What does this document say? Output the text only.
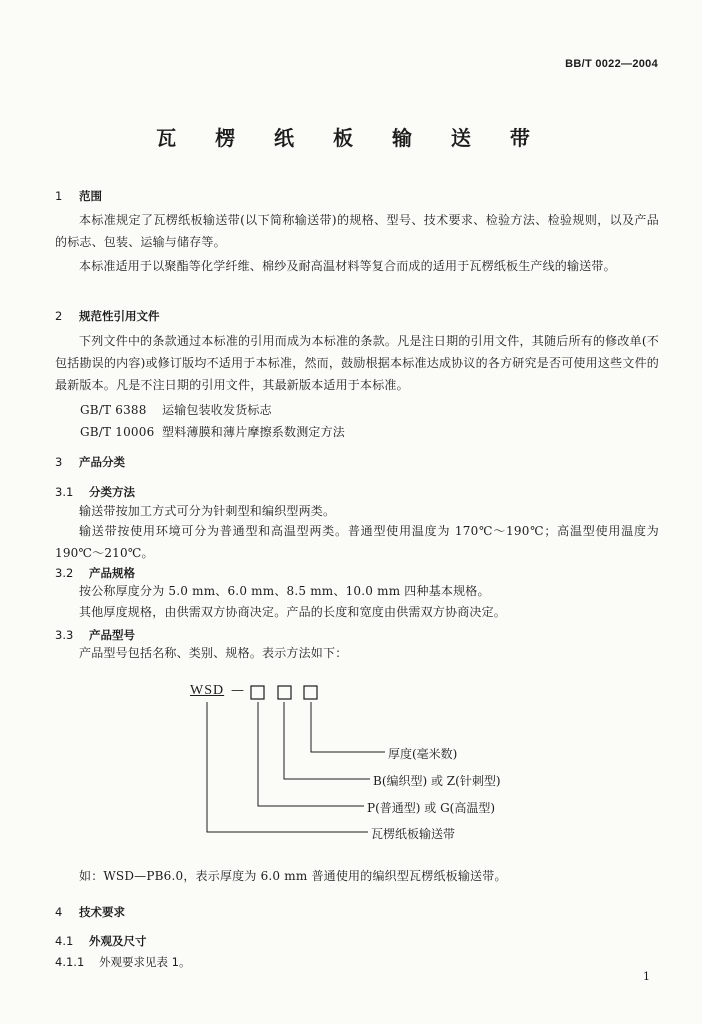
BB/T 0022—2004
瓦 楞 纸 板 输 送 带
1 范围
本标准规定了瓦楞纸板输送带(以下简称输送带)的规格、型号、技术要求、检验方法、检验规则，以及产品的标志、包装、运输与储存等。
本标准适用于以聚酯等化学纤维、棉纱及耐高温材料等复合而成的适用于瓦楞纸板生产线的输送带。
2 规范性引用文件
下列文件中的条款通过本标准的引用而成为本标准的条款。凡是注日期的引用文件，其随后所有的修改单(不包括勘误的内容)或修订版均不适用于本标准，然而，鼓励根据本标准达成协议的各方研究是否可使用这些文件的最新版本。凡是不注日期的引用文件，其最新版本适用于本标准。
GB/T 6388 运输包装收发货标志
GB/T 10006 塑料薄膜和薄片摩擦系数测定方法
3 产品分类
3.1 分类方法
输送带按加工方式可分为针刺型和编织型两类。
输送带按使用环境可分为普通型和高温型两类。普通型使用温度为 170℃～190℃；高温型使用温度为 190℃～210℃。
3.2 产品规格
按公称厚度分为 5.0 mm、6.0 mm、8.5 mm、10.0 mm 四种基本规格。
其他厚度规格，由供需双方协商决定。产品的长度和宽度由供需双方协商决定。
3.3 产品型号
产品型号包括名称、类别、规格。表示方法如下：
WSD —
厚度(毫米数)
B(编织型) 或 Z(针刺型)
P(普通型) 或 G(高温型)
瓦楞纸板输送带
如：WSD—PB6.0，表示厚度为 6.0 mm 普通使用的编织型瓦楞纸板输送带。
4 技术要求
4.1 外观及尺寸
4.1.1 外观要求见表 1。
1
